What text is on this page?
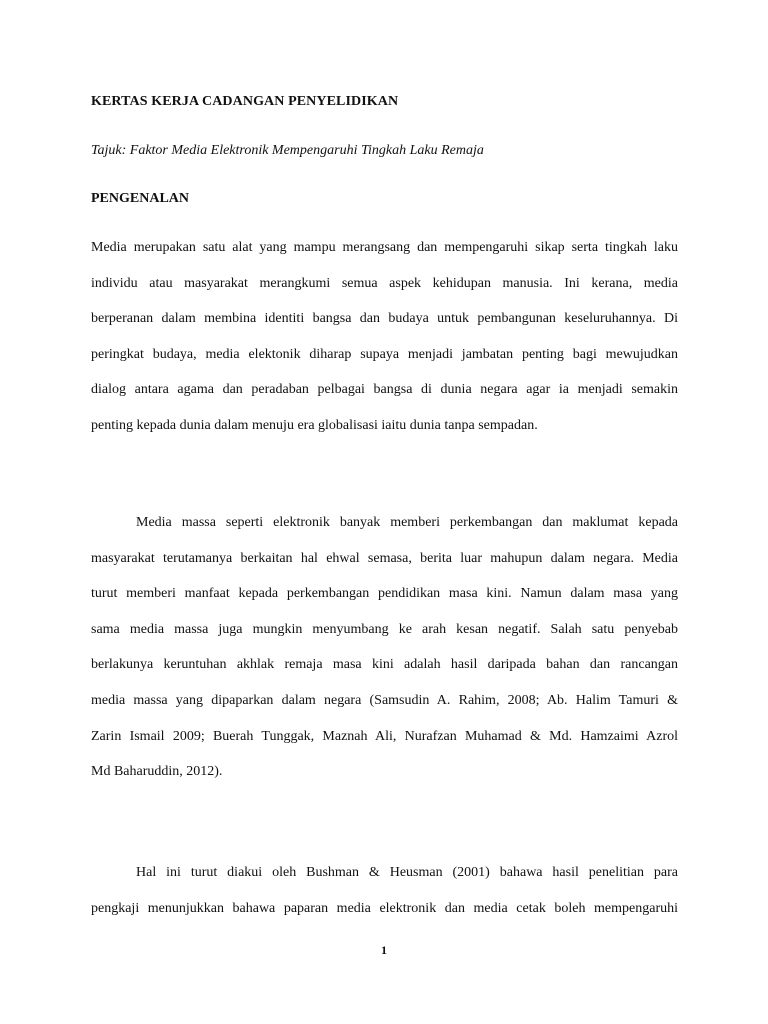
KERTAS KERJA CADANGAN PENYELIDIKAN
Tajuk: Faktor Media Elektronik Mempengaruhi Tingkah Laku Remaja
PENGENALAN
Media merupakan satu alat yang mampu merangsang dan mempengaruhi sikap serta tingkah laku
individu atau masyarakat merangkumi semua aspek kehidupan manusia. Ini kerana, media
berperanan dalam membina identiti bangsa dan budaya untuk pembangunan keseluruhannya. Di
peringkat budaya, media elektonik diharap supaya menjadi jambatan penting bagi mewujudkan
dialog antara agama dan peradaban pelbagai bangsa di dunia negara agar ia menjadi semakin
penting kepada dunia dalam menuju era globalisasi iaitu dunia tanpa sempadan.
Media massa seperti elektronik banyak memberi perkembangan dan maklumat kepada
masyarakat terutamanya berkaitan hal ehwal semasa, berita luar mahupun dalam negara. Media
turut memberi manfaat kepada perkembangan pendidikan masa kini. Namun dalam masa yang
sama media massa juga mungkin menyumbang ke arah kesan negatif. Salah satu penyebab
berlakunya keruntuhan akhlak remaja masa kini adalah hasil daripada bahan dan rancangan
media massa yang dipaparkan dalam negara (Samsudin A. Rahim, 2008; Ab. Halim Tamuri &
Zarin Ismail 2009; Buerah Tunggak, Maznah Ali, Nurafzan Muhamad & Md. Hamzaimi Azrol
Md Baharuddin, 2012).
Hal ini turut diakui oleh Bushman & Heusman (2001) bahawa hasil penelitian para
pengkaji menunjukkan bahawa paparan media elektronik dan media cetak boleh mempengaruhi
1
